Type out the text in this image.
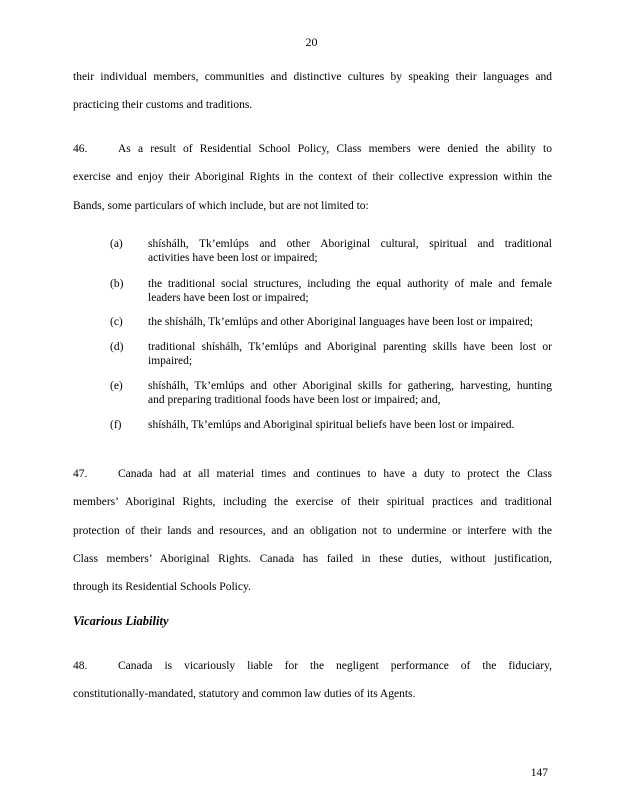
20
their individual members, communities and distinctive cultures by speaking their languages and
practicing their customs and traditions.
46.	As a result of Residential School Policy, Class members were denied the ability to
exercise and enjoy their Aboriginal Rights in the context of their collective expression within the
Bands, some particulars of which include, but are not limited to:
(a) shíshálh, Tk’emlúps and other Aboriginal cultural, spiritual and traditional
activities have been lost or impaired;
(b) the traditional social structures, including the equal authority of male and female
leaders have been lost or impaired;
(c) the shíshálh, Tk’emlúps and other Aboriginal languages have been lost or impaired;
(d) traditional shíshálh, Tk’emlúps and Aboriginal parenting skills have been lost or
impaired;
(e) shíshálh, Tk’emlúps and other Aboriginal skills for gathering, harvesting, hunting
and preparing traditional foods have been lost or impaired; and,
(f) shíshálh, Tk’emlúps and Aboriginal spiritual beliefs have been lost or impaired.
47.	Canada had at all material times and continues to have a duty to protect the Class
members’ Aboriginal Rights, including the exercise of their spiritual practices and traditional
protection of their lands and resources, and an obligation not to undermine or interfere with the
Class members’ Aboriginal Rights. Canada has failed in these duties, without justification,
through its Residential Schools Policy.
Vicarious Liability
48.	Canada is vicariously liable for the negligent performance of the fiduciary,
constitutionally-mandated, statutory and common law duties of its Agents.
147
